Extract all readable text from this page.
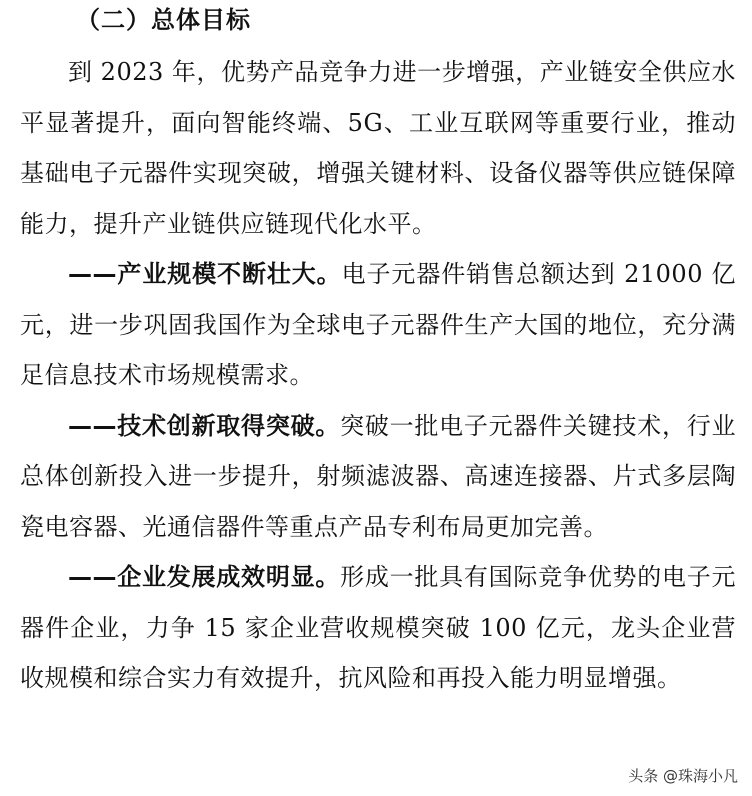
（二）总体目标

到 2023 年，优势产品竞争力进一步增强，产业链安全供应水平显著提升，面向智能终端、5G、工业互联网等重要行业，推动基础电子元器件实现突破，增强关键材料、设备仪器等供应链保障能力，提升产业链供应链现代化水平。

——产业规模不断壮大。电子元器件销售总额达到 21000 亿元，进一步巩固我国作为全球电子元器件生产大国的地位，充分满足信息技术市场规模需求。

——技术创新取得突破。突破一批电子元器件关键技术，行业总体创新投入进一步提升，射频滤波器、高速连接器、片式多层陶瓷电容器、光通信器件等重点产品专利布局更加完善。

——企业发展成效明显。形成一批具有国际竞争优势的电子元器件企业，力争 15 家企业营收规模突破 100 亿元，龙头企业营收规模和综合实力有效提升，抗风险和再投入能力明显增强。

头条 @珠海小凡
